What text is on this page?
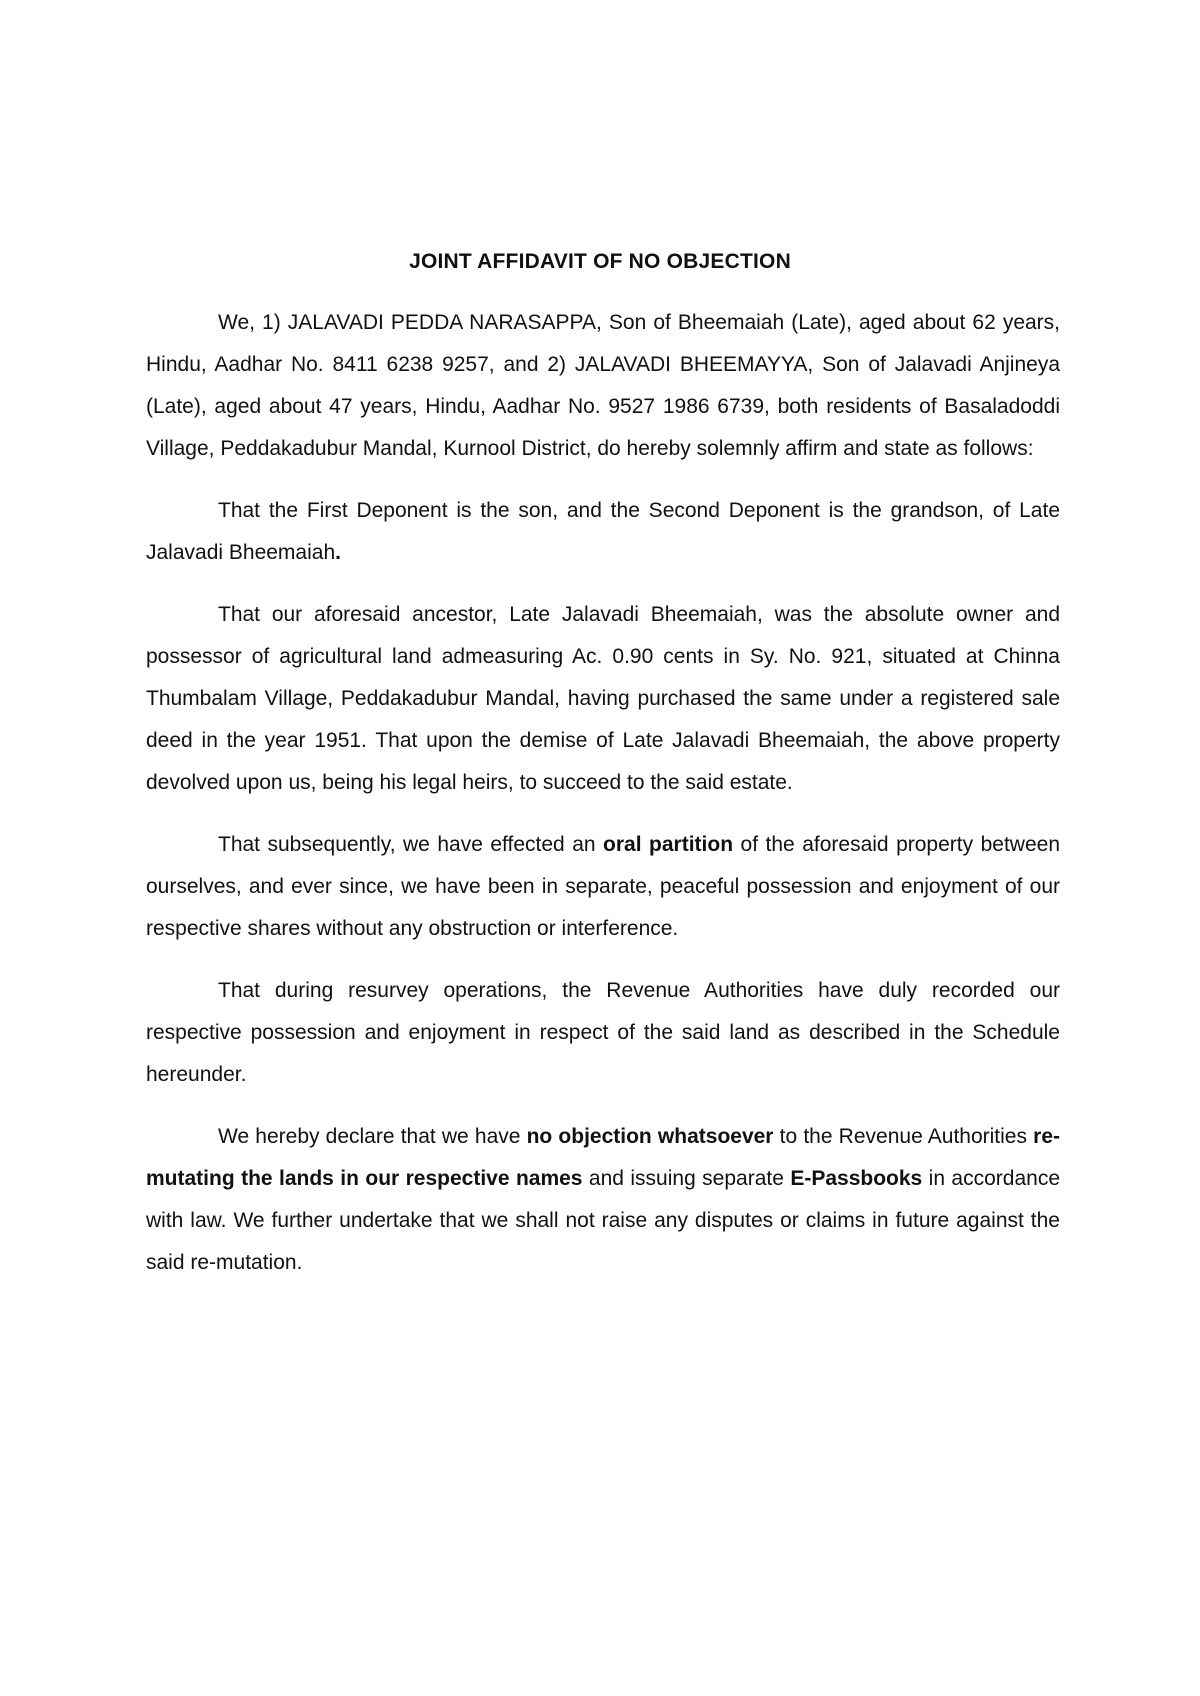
JOINT AFFIDAVIT OF NO OBJECTION

We, 1) JALAVADI PEDDA NARASAPPA, Son of Bheemaiah (Late), aged about 62 years, Hindu, Aadhar No. 8411 6238 9257, and 2) JALAVADI BHEEMAYYA, Son of Jalavadi Anjineya (Late), aged about 47 years, Hindu, Aadhar No. 9527 1986 6739, both residents of Basaladoddi Village, Peddakadubur Mandal, Kurnool District, do hereby solemnly affirm and state as follows:

That the First Deponent is the son, and the Second Deponent is the grandson, of Late Jalavadi Bheemaiah.

That our aforesaid ancestor, Late Jalavadi Bheemaiah, was the absolute owner and possessor of agricultural land admeasuring Ac. 0.90 cents in Sy. No. 921, situated at Chinna Thumbalam Village, Peddakadubur Mandal, having purchased the same under a registered sale deed in the year 1951. That upon the demise of Late Jalavadi Bheemaiah, the above property devolved upon us, being his legal heirs, to succeed to the said estate.

That subsequently, we have effected an oral partition of the aforesaid property between ourselves, and ever since, we have been in separate, peaceful possession and enjoyment of our respective shares without any obstruction or interference.

That during resurvey operations, the Revenue Authorities have duly recorded our respective possession and enjoyment in respect of the said land as described in the Schedule hereunder.

We hereby declare that we have no objection whatsoever to the Revenue Authorities re-mutating the lands in our respective names and issuing separate E-Passbooks in accordance with law. We further undertake that we shall not raise any disputes or claims in future against the said re-mutation.
